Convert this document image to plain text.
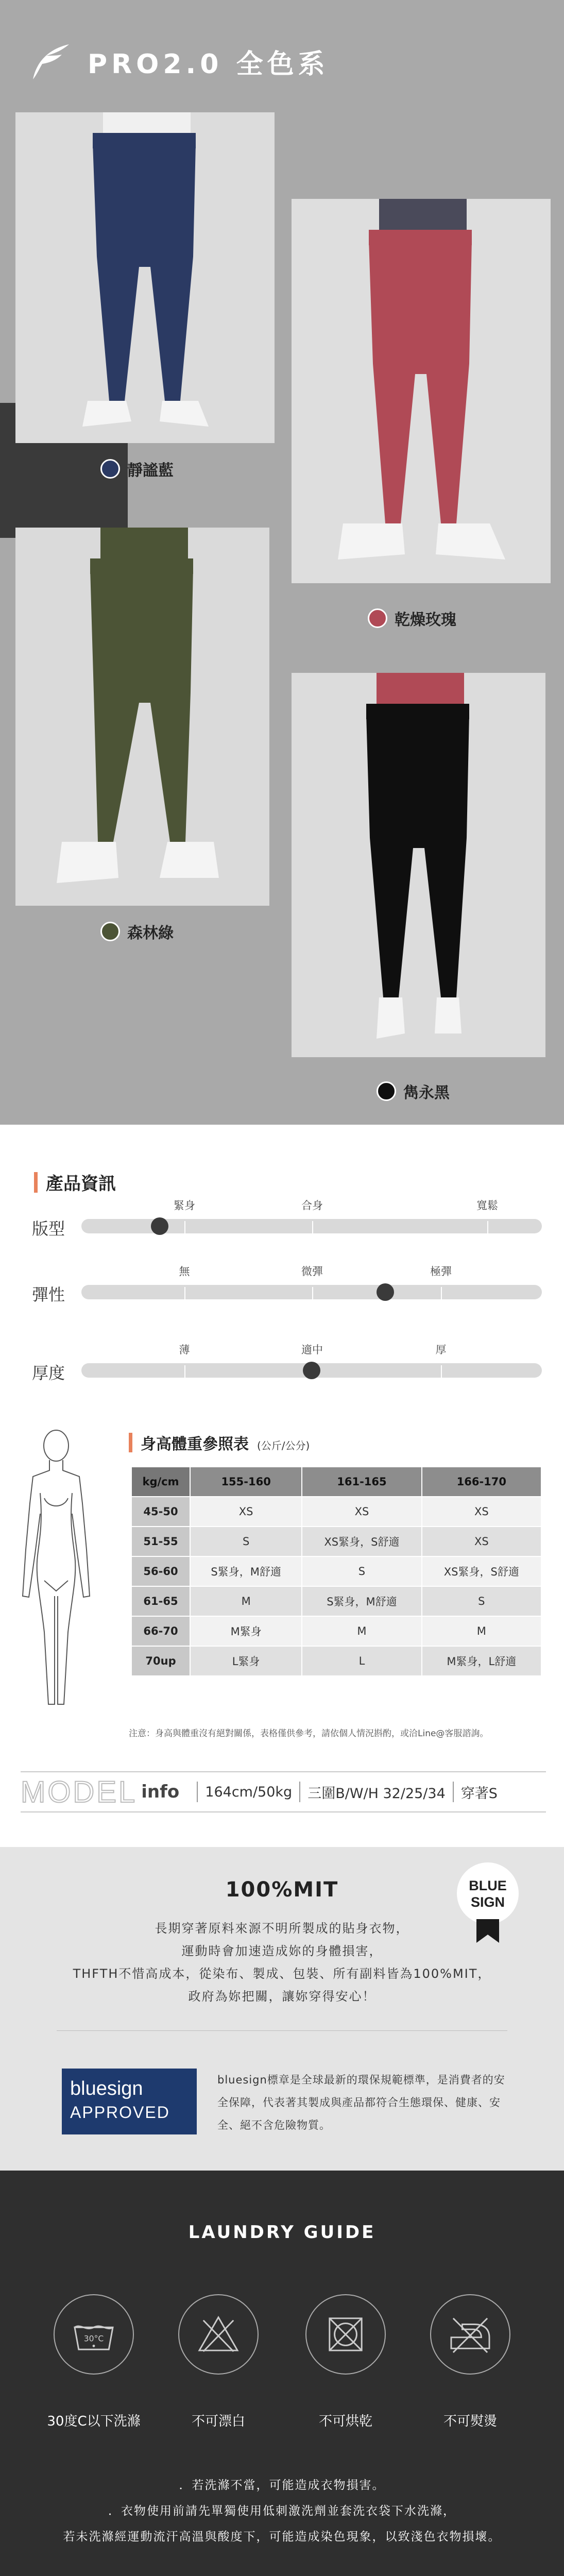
PRO2.0 全色系
靜謐藍
乾燥玫瑰
森林綠
雋永黑
產品資訊
版型
緊身	合身	寬鬆
彈性
無	微彈	極彈
厚度
薄	適中	厚
身高體重參照表 (公斤/公分)
kg/cm	155-160	161-165	166-170
45-50	XS	XS	XS
51-55	S	XS緊身，S舒適	XS
56-60	S緊身，M舒適	S	XS緊身，S舒適
61-65	M	S緊身，M舒適	S
66-70	M緊身	M	M
70up	L緊身	L	M緊身，L舒適
注意：身高與體重沒有絕對關係，表格僅供參考，請依個人情況斟酌，或洽Line@客服諮詢。
MODEL info 164cm/50kg 三圍B/W/H 32/25/34 穿著S
100%MIT
長期穿著原料來源不明所製成的貼身衣物，
運動時會加速造成妳的身體損害，
THFTH不惜高成本，從染布、製成、包裝、所有副料皆為100%MIT，
政府為妳把關，讓妳穿得安心！
BLUE
SIGN
bluesign
APPROVED
bluesign標章是全球最新的環保規範標準，是消費者的安全保障，代表著其製成與產品都符合生態環保、健康、安全、絕不含危險物質。
LAUNDRY GUIDE
30°C
30度C以下洗滌	不可漂白	不可烘乾	不可熨燙
．若洗滌不當，可能造成衣物損害。
．衣物使用前請先單獨使用低刺激洗劑並套洗衣袋下水洗滌，
若未洗滌經運動流汗高溫與酸度下，可能造成染色現象，以致淺色衣物損壞。
